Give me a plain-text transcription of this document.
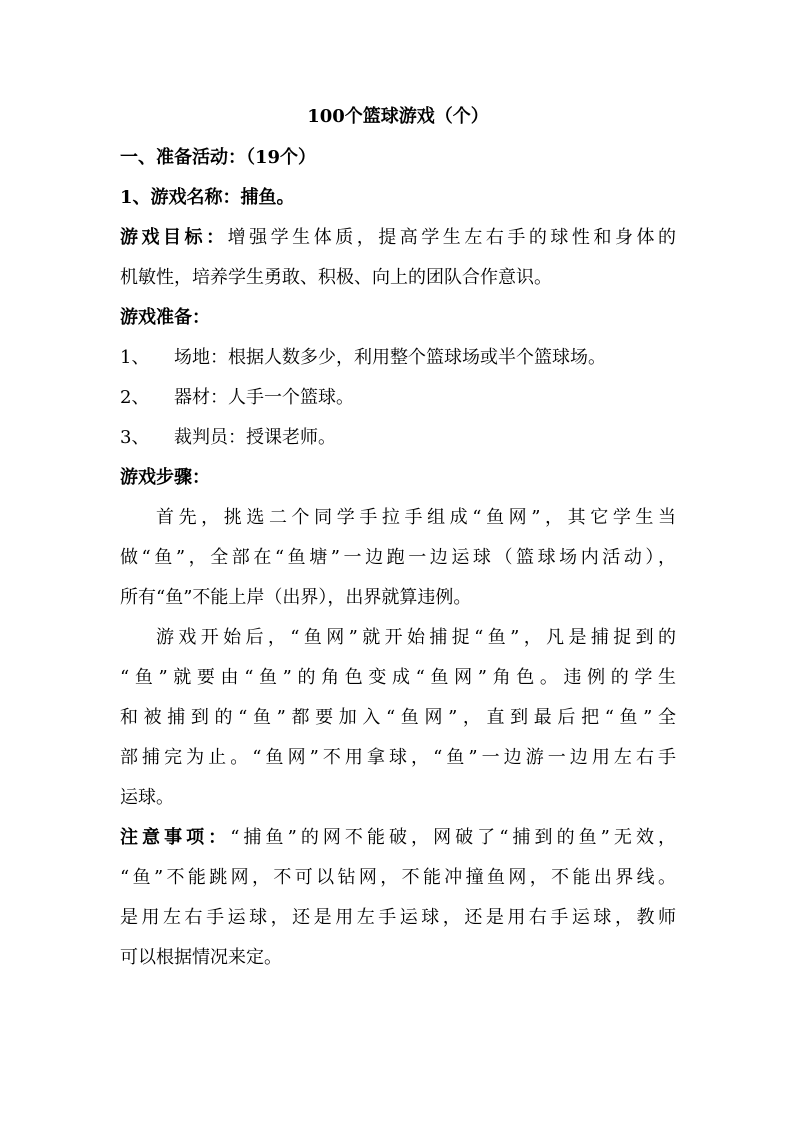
100个篮球游戏（个）
一、准备活动：（19个）
1、游戏名称：捕鱼。
游戏目标：增强学生体质，提高学生左右手的球性和身体的
机敏性，培养学生勇敢、积极、向上的团队合作意识。
游戏准备：
1、 场地：根据人数多少，利用整个篮球场或半个篮球场。
2、 器材：人手一个篮球。
3、 裁判员：授课老师。
游戏步骤：
首先，挑选二个同学手拉手组成“鱼网”，其它学生当
做“鱼”，全部在“鱼塘”一边跑一边运球（篮球场内活动），
所有“鱼”不能上岸（出界），出界就算违例。
游戏开始后，“鱼网”就开始捕捉“鱼”，凡是捕捉到的
“鱼”就要由“鱼”的角色变成“鱼网”角色。违例的学生
和被捕到的“鱼”都要加入“鱼网”，直到最后把“鱼”全
部捕完为止。“鱼网”不用拿球，“鱼”一边游一边用左右手
运球。
注意事项：“捕鱼”的网不能破，网破了“捕到的鱼”无效，
“鱼”不能跳网，不可以钻网，不能冲撞鱼网，不能出界线。
是用左右手运球，还是用左手运球，还是用右手运球，教师
可以根据情况来定。
